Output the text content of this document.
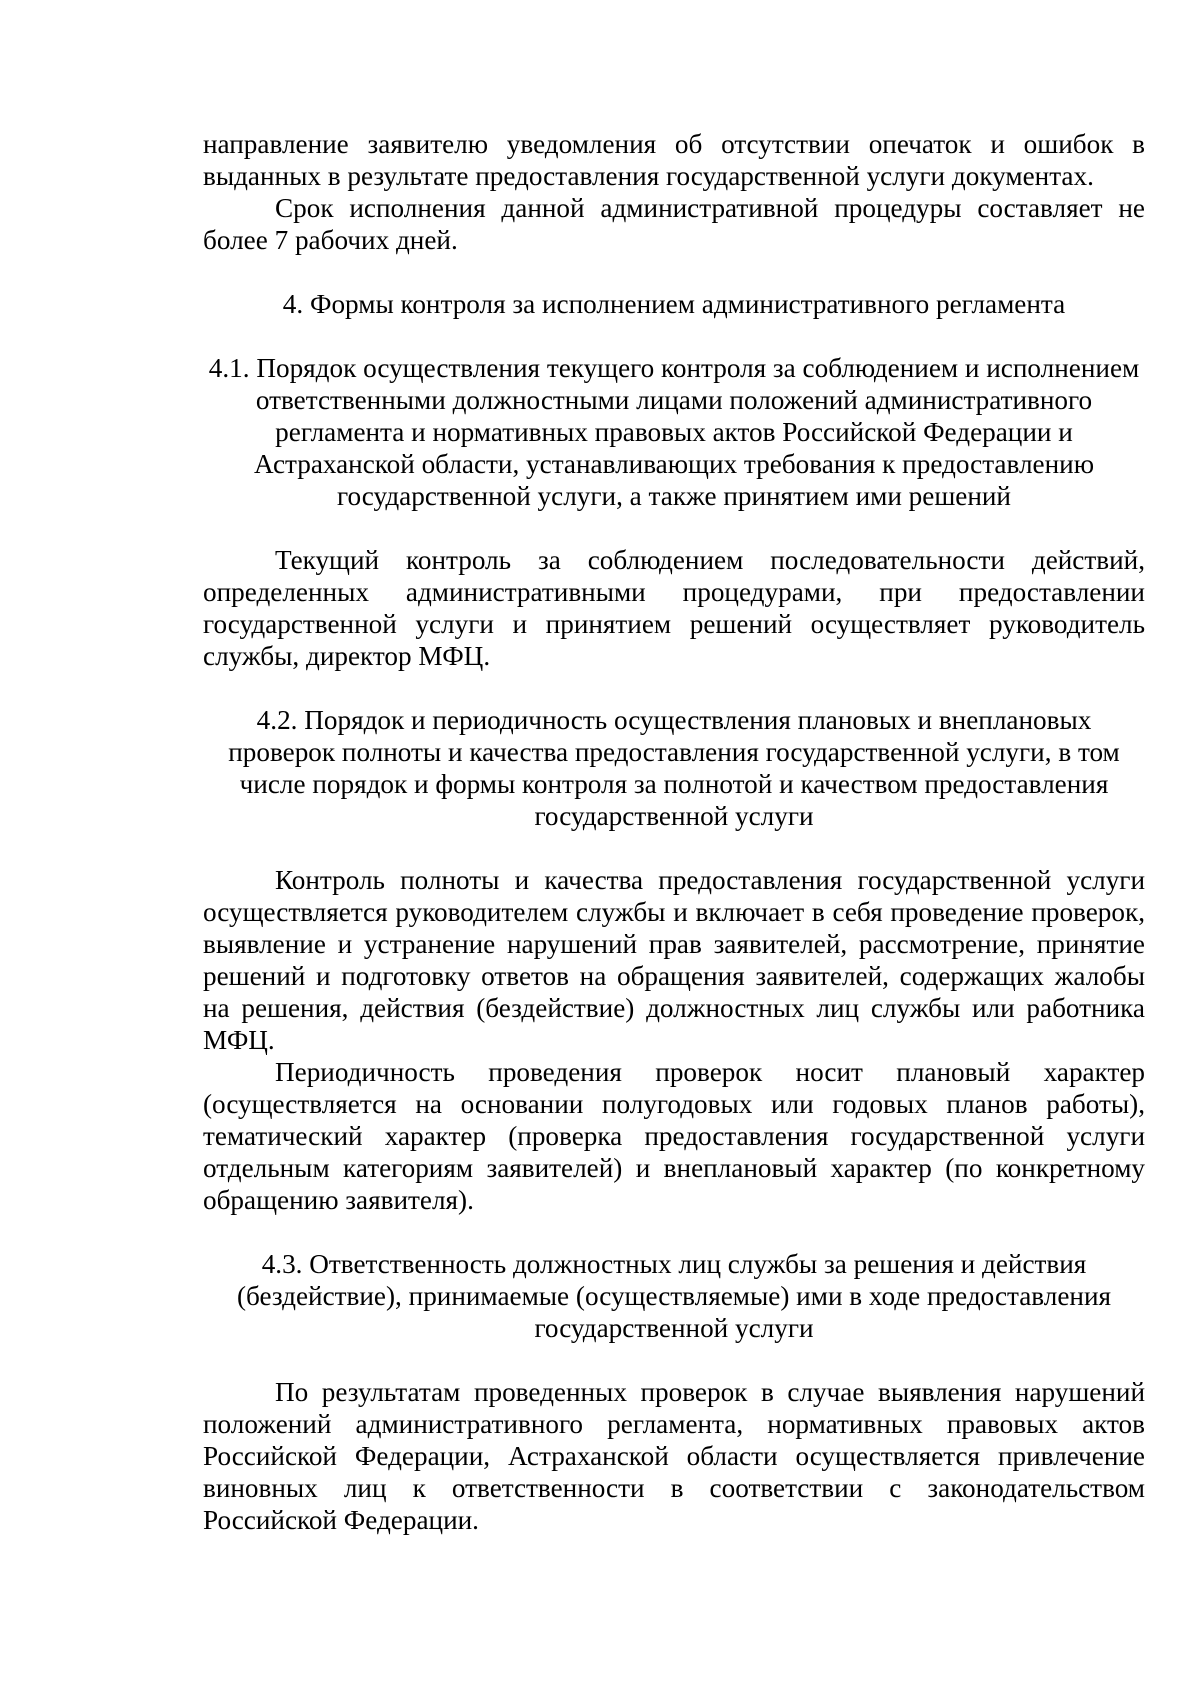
направление заявителю уведомления об отсутствии опечаток и ошибок в выданных в результате предоставления государственной услуги документах.

Срок исполнения данной административной процедуры составляет не более 7 рабочих дней.

4. Формы контроля за исполнением административного регламента

4.1. Порядок осуществления текущего контроля за соблюдением и исполнением ответственными должностными лицами положений административного регламента и нормативных правовых актов Российской Федерации и Астраханской области, устанавливающих требования к предоставлению государственной услуги, а также принятием ими решений

Текущий контроль за соблюдением последовательности действий, определенных административными процедурами, при предоставлении государственной услуги и принятием решений осуществляет руководитель службы, директор МФЦ.

4.2. Порядок и периодичность осуществления плановых и внеплановых проверок полноты и качества предоставления государственной услуги, в том числе порядок и формы контроля за полнотой и качеством предоставления государственной услуги

Контроль полноты и качества предоставления государственной услуги осуществляется руководителем службы и включает в себя проведение проверок, выявление и устранение нарушений прав заявителей, рассмотрение, принятие решений и подготовку ответов на обращения заявителей, содержащих жалобы на решения, действия (бездействие) должностных лиц службы или работника МФЦ.

Периодичность проведения проверок носит плановый характер (осуществляется на основании полугодовых или годовых планов работы), тематический характер (проверка предоставления государственной услуги отдельным категориям заявителей) и внеплановый характер (по конкретному обращению заявителя).

4.3. Ответственность должностных лиц службы за решения и действия (бездействие), принимаемые (осуществляемые) ими в ходе предоставления государственной услуги

По результатам проведенных проверок в случае выявления нарушений положений административного регламента, нормативных правовых актов Российской Федерации, Астраханской области осуществляется привлечение виновных лиц к ответственности в соответствии с законодательством Российской Федерации.
